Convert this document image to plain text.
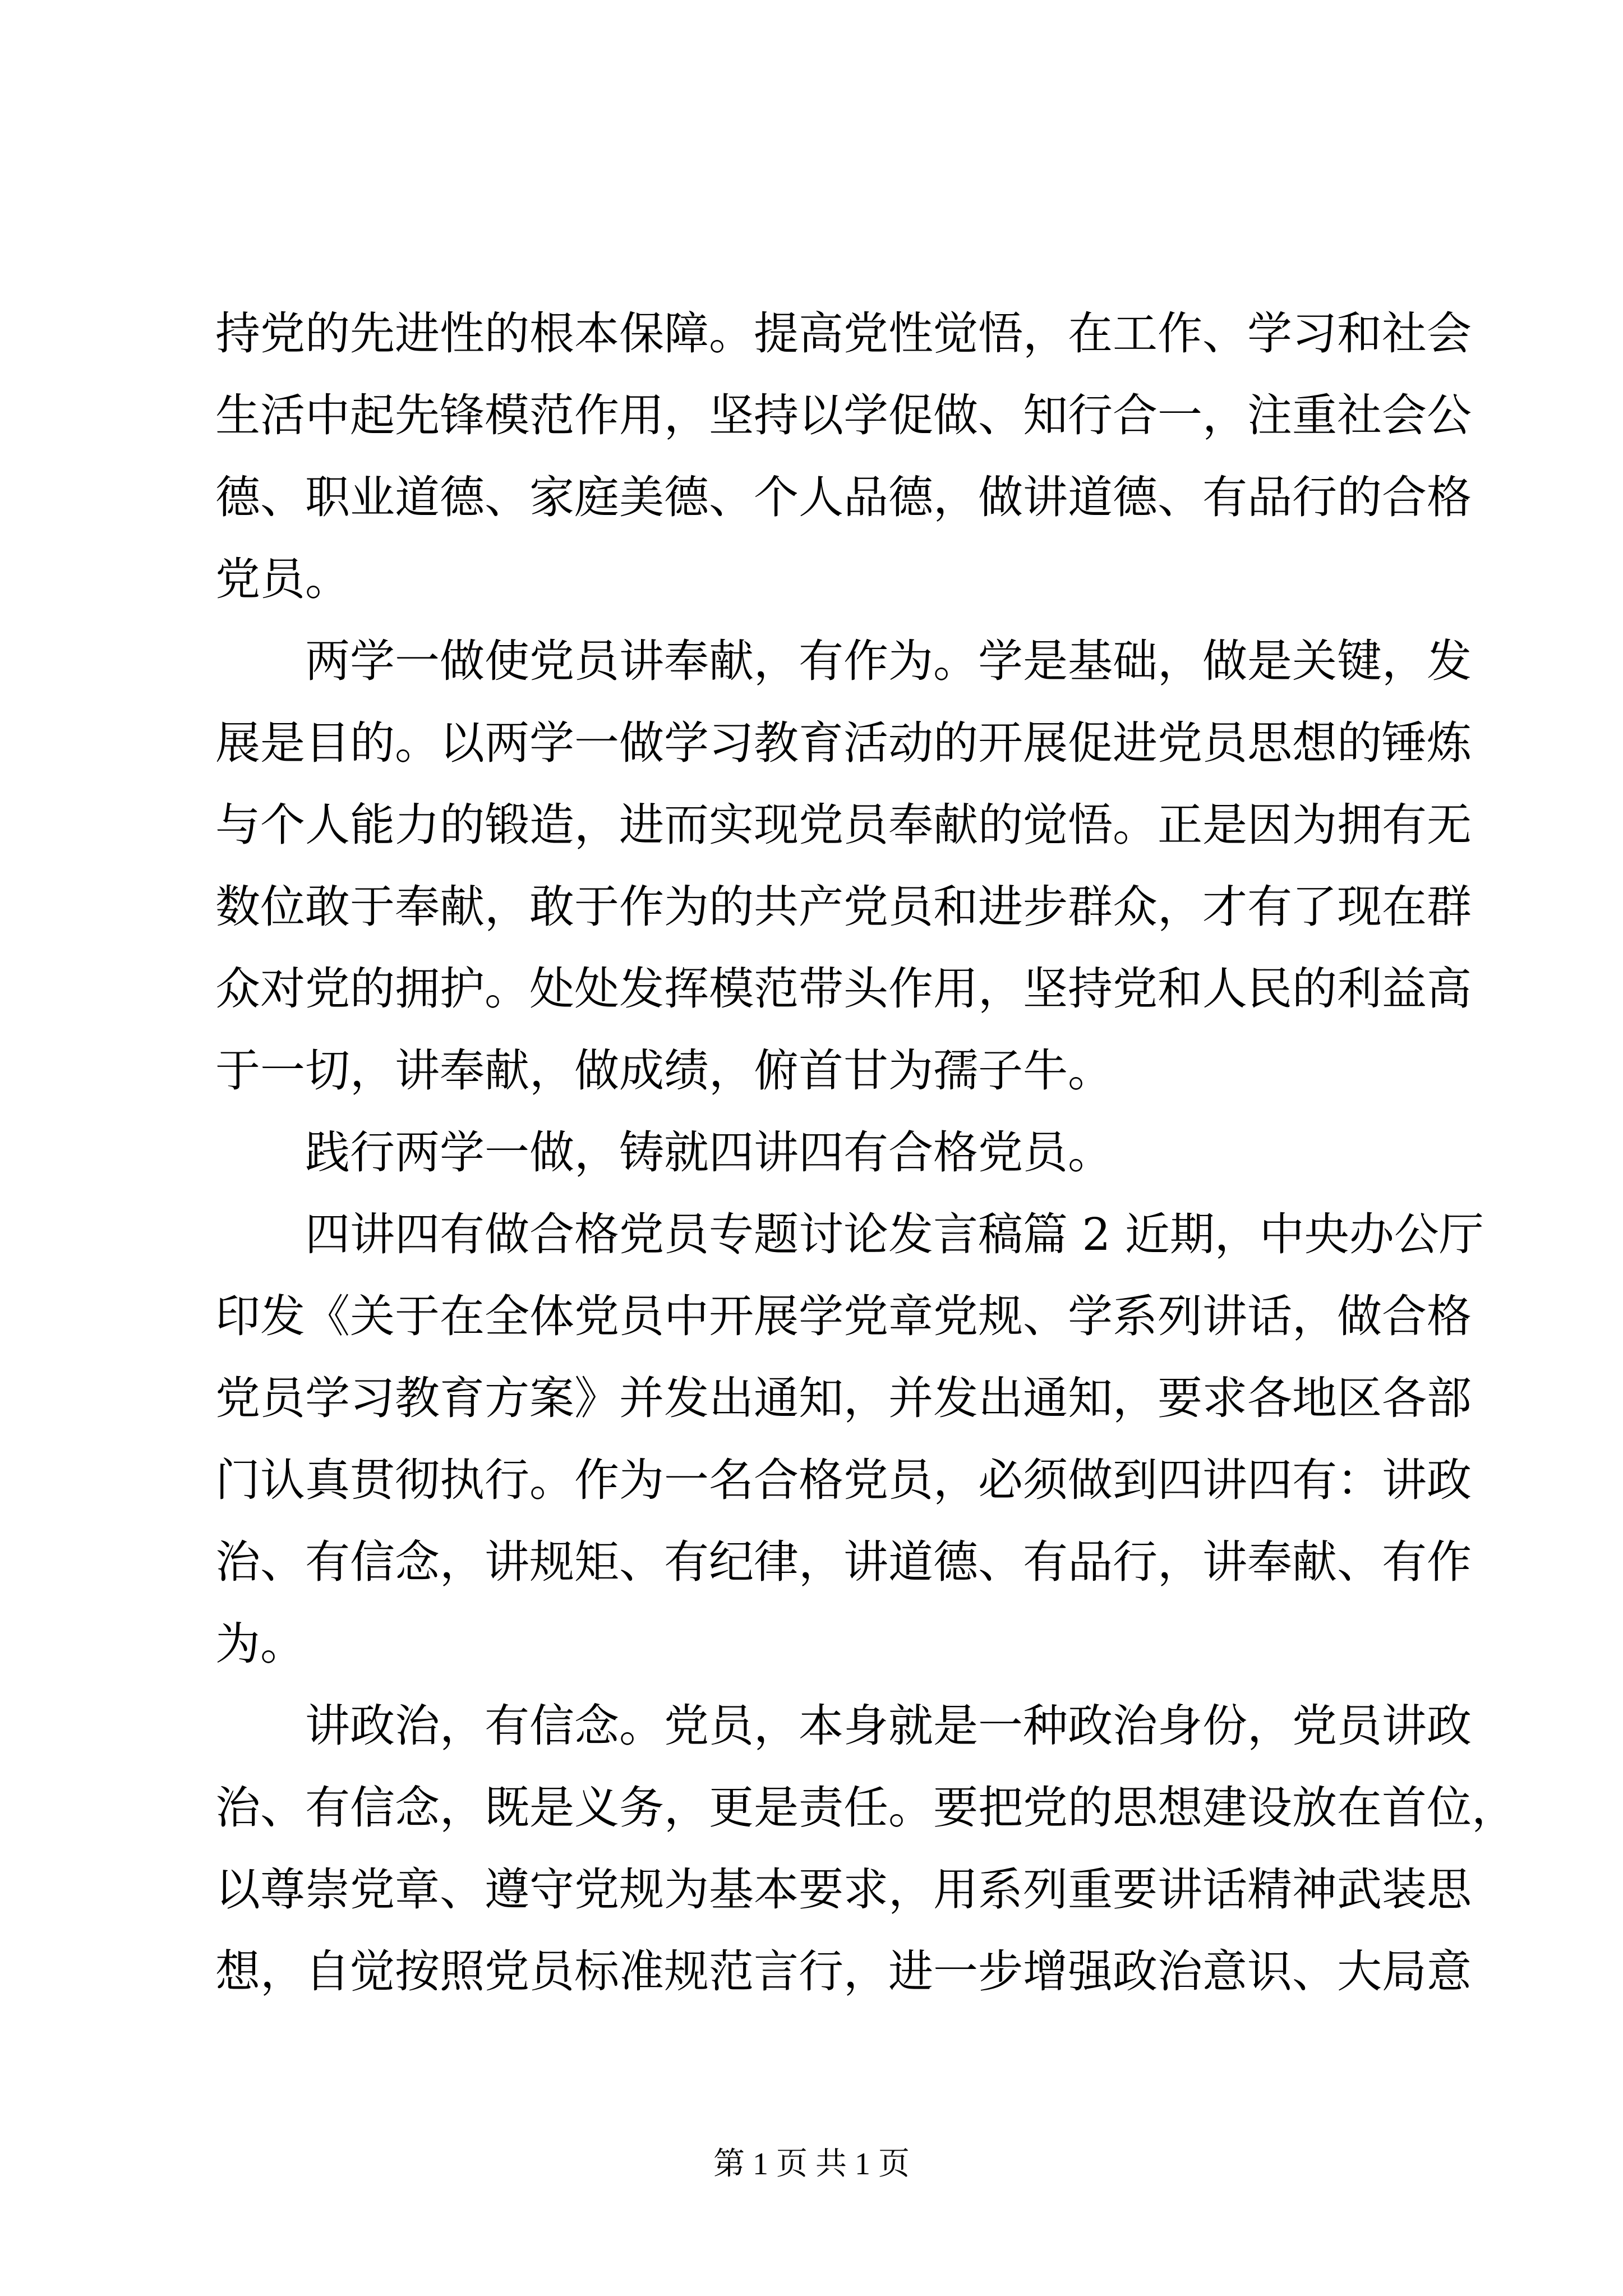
持党的先进性的根本保障。提高党性觉悟，在工作、学习和社会
生活中起先锋模范作用，坚持以学促做、知行合一，注重社会公
德、职业道德、家庭美德、个人品德，做讲道德、有品行的合格
党员。
两学一做使党员讲奉献，有作为。学是基础，做是关键，发
展是目的。以两学一做学习教育活动的开展促进党员思想的锤炼
与个人能力的锻造，进而实现党员奉献的觉悟。正是因为拥有无
数位敢于奉献，敢于作为的共产党员和进步群众，才有了现在群
众对党的拥护。处处发挥模范带头作用，坚持党和人民的利益高
于一切，讲奉献，做成绩，俯首甘为孺子牛。
践行两学一做，铸就四讲四有合格党员。
四讲四有做合格党员专题讨论发言稿篇 2 近期，中央办公厅
印发《关于在全体党员中开展学党章党规、学系列讲话，做合格
党员学习教育方案》并发出通知，并发出通知，要求各地区各部
门认真贯彻执行。作为一名合格党员，必须做到四讲四有：讲政
治、有信念，讲规矩、有纪律，讲道德、有品行，讲奉献、有作
为。
讲政治，有信念。党员，本身就是一种政治身份，党员讲政
治、有信念，既是义务，更是责任。要把党的思想建设放在首位，
以尊崇党章、遵守党规为基本要求，用系列重要讲话精神武装思
想，自觉按照党员标准规范言行，进一步增强政治意识、大局意
第 1 页 共 1 页
